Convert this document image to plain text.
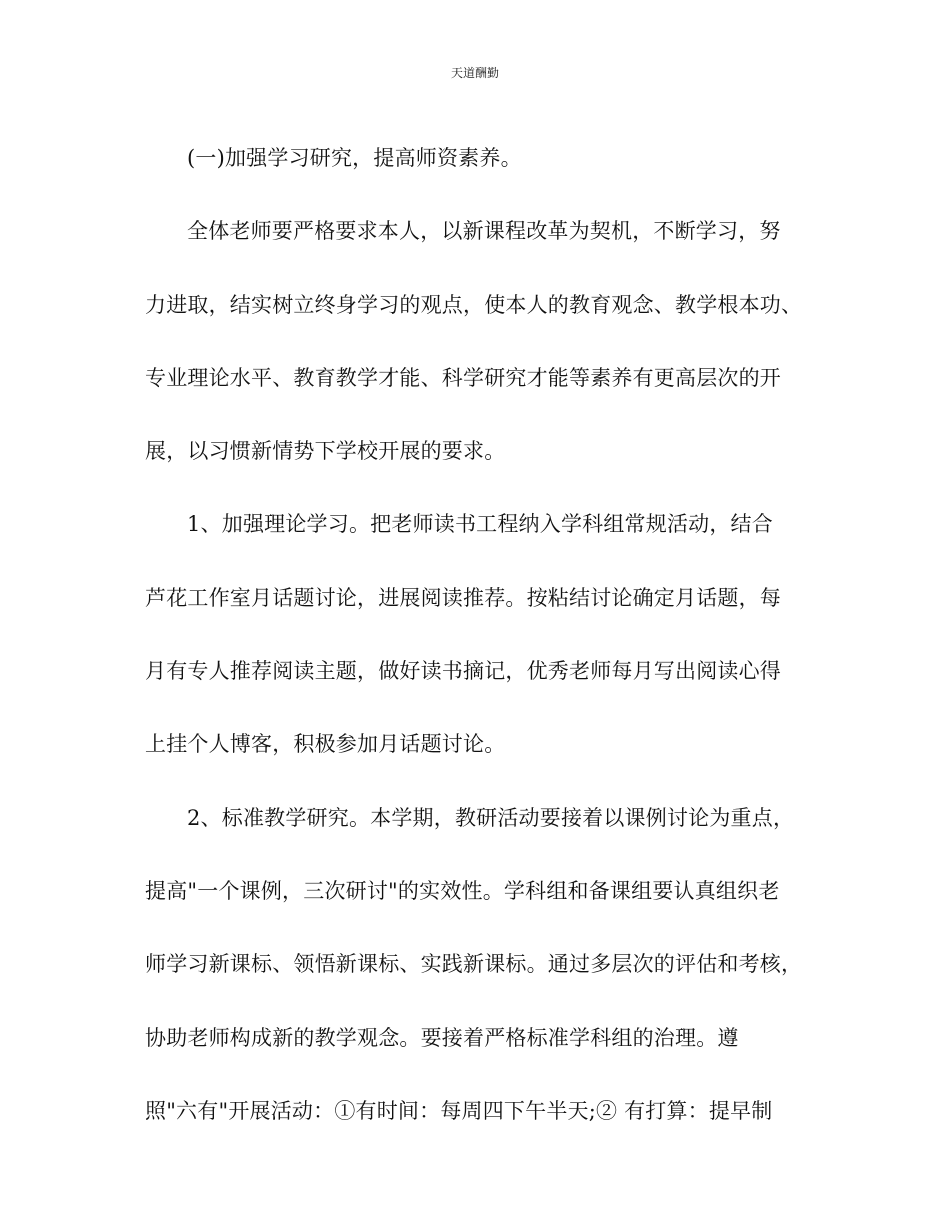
天道酬勤
(一)加强学习研究，提高师资素养。
全体老师要严格要求本人，以新课程改革为契机，不断学习，努
力进取，结实树立终身学习的观点，使本人的教育观念、教学根本功、
专业理论水平、教育教学才能、科学研究才能等素养有更高层次的开
展，以习惯新情势下学校开展的要求。
1、加强理论学习。把老师读书工程纳入学科组常规活动，结合
芦花工作室月话题讨论，进展阅读推荐。按粘结讨论确定月话题，每
月有专人推荐阅读主题，做好读书摘记，优秀老师每月写出阅读心得
上挂个人博客，积极参加月话题讨论。
2、标准教学研究。本学期，教研活动要接着以课例讨论为重点，
提高"一个课例，三次研讨"的实效性。学科组和备课组要认真组织老
师学习新课标、领悟新课标、实践新课标。通过多层次的评估和考核，
协助老师构成新的教学观念。要接着严格标准学科组的治理。遵
照"六有"开展活动：①有时间：每周四下午半天;② 有打算：提早制
